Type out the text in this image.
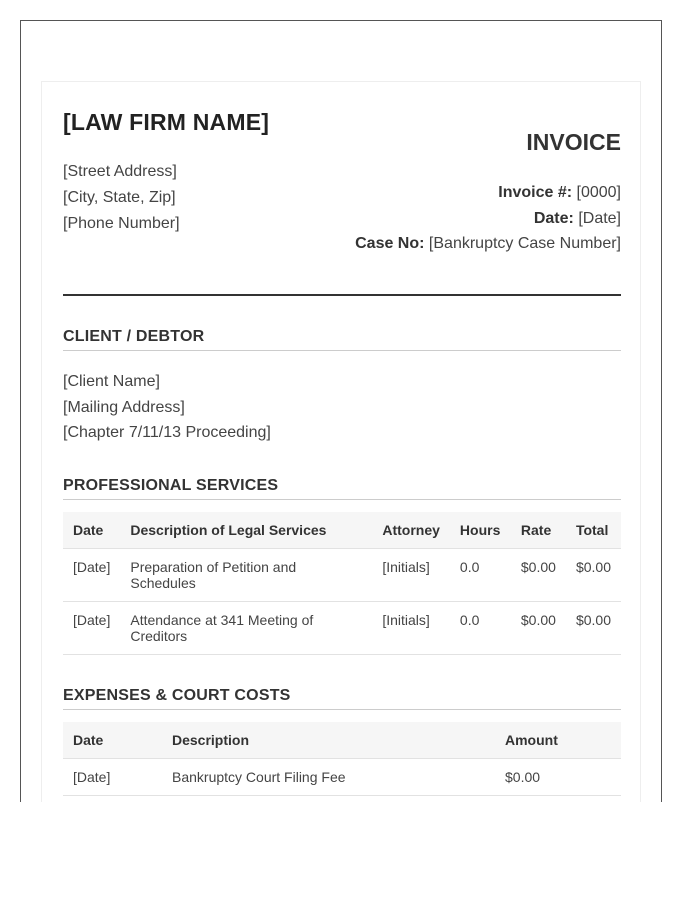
[LAW FIRM NAME]
[Street Address]
[City, State, Zip]
[Phone Number]
INVOICE
Invoice #: [0000]
Date: [Date]
Case No: [Bankruptcy Case Number]
CLIENT / DEBTOR
[Client Name]
[Mailing Address]
[Chapter 7/11/13 Proceeding]
PROFESSIONAL SERVICES
Date	Description of Legal Services	Attorney	Hours	Rate	Total
[Date]	Preparation of Petition and Schedules	[Initials]	0.0	$0.00	$0.00
[Date]	Attendance at 341 Meeting of Creditors	[Initials]	0.0	$0.00	$0.00
EXPENSES & COURT COSTS
Date	Description	Amount
[Date]	Bankruptcy Court Filing Fee	$0.00
